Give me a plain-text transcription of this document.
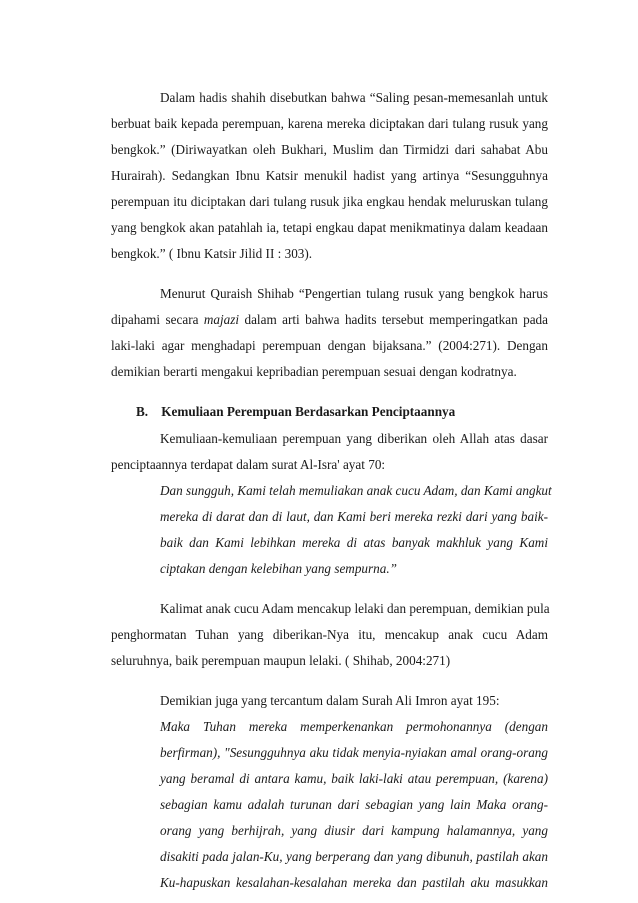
Dalam hadis shahih disebutkan bahwa “Saling pesan-memesanlah untuk
berbuat baik kepada perempuan, karena mereka diciptakan dari tulang rusuk yang
bengkok.” (Diriwayatkan oleh Bukhari, Muslim dan Tirmidzi dari sahabat Abu
Hurairah). Sedangkan Ibnu Katsir menukil hadist yang artinya “Sesungguhnya
perempuan itu diciptakan dari tulang rusuk jika engkau hendak meluruskan tulang
yang bengkok akan patahlah ia, tetapi engkau dapat menikmatinya dalam keadaan
bengkok.” ( Ibnu Katsir Jilid II : 303).
Menurut Quraish Shihab “Pengertian tulang rusuk yang bengkok harus
dipahami secara majazi dalam arti bahwa hadits tersebut memperingatkan pada
laki-laki agar menghadapi perempuan dengan bijaksana.” (2004:271). Dengan
demikian berarti mengakui kepribadian perempuan sesuai dengan kodratnya.
B. Kemuliaan Perempuan Berdasarkan Penciptaannya
Kemuliaan-kemuliaan perempuan yang diberikan oleh Allah atas dasar
penciptaannya terdapat dalam surat Al-Isra' ayat 70:
Dan sungguh, Kami telah memuliakan anak cucu Adam, dan Kami angkut
mereka di darat dan di laut, dan Kami beri mereka rezki dari yang baik-
baik dan Kami lebihkan mereka di atas banyak makhluk yang Kami
ciptakan dengan kelebihan yang sempurna.”
Kalimat anak cucu Adam mencakup lelaki dan perempuan, demikian pula
penghormatan Tuhan yang diberikan-Nya itu, mencakup anak cucu Adam
seluruhnya, baik perempuan maupun lelaki. ( Shihab, 2004:271)
Demikian juga yang tercantum dalam Surah Ali Imron ayat 195:
Maka Tuhan mereka memperkenankan permohonannya (dengan
berfirman), "Sesungguhnya aku tidak menyia-nyiakan amal orang-orang
yang beramal di antara kamu, baik laki-laki atau perempuan, (karena)
sebagian kamu adalah turunan dari sebagian yang lain Maka orang-
orang yang berhijrah, yang diusir dari kampung halamannya, yang
disakiti pada jalan-Ku, yang berperang dan yang dibunuh, pastilah akan
Ku-hapuskan kesalahan-kesalahan mereka dan pastilah aku masukkan
